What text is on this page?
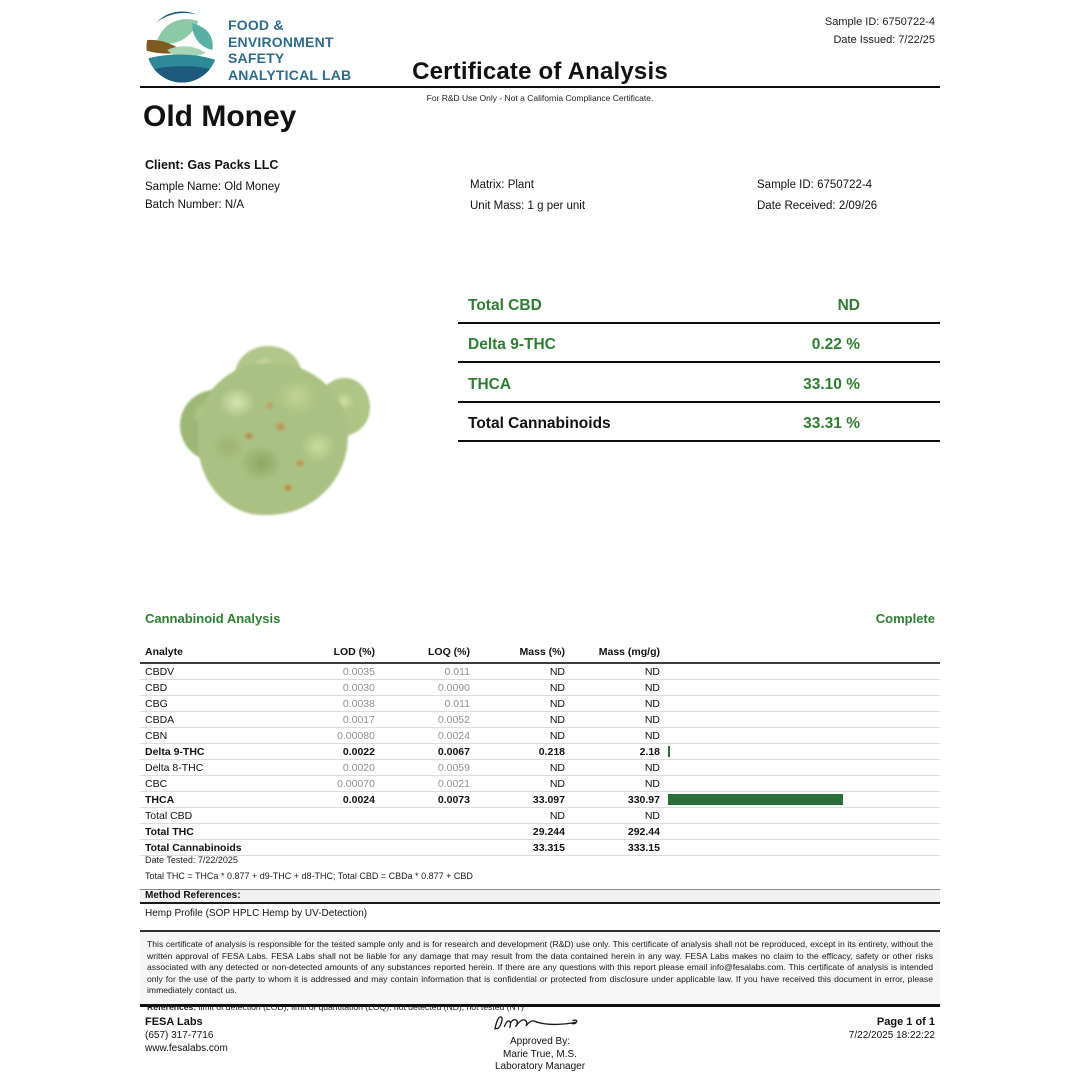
FOOD &
ENVIRONMENT
SAFETY
ANALYTICAL LAB
Sample ID: 6750722-4
Date Issued: 7/22/25
Certificate of Analysis
For R&D Use Only - Not a California Compliance Certificate.
Old Money
Client: Gas Packs LLC
Sample Name: Old Money
Batch Number: N/A
Matrix: Plant
Unit Mass: 1 g per unit
Sample ID: 6750722-4
Date Received: 2/09/26
Total CBD	ND
Delta 9-THC	0.22 %
THCA	33.10 %
Total Cannabinoids	33.31 %
Cannabinoid Analysis	Complete
Analyte	LOD (%)	LOQ (%)	Mass (%)	Mass (mg/g)	
CBDV	0.0035	0.011	ND	ND	
CBD	0.0030	0.0090	ND	ND	
CBG	0.0038	0.011	ND	ND	
CBDA	0.0017	0.0052	ND	ND	
CBN	0.00080	0.0024	ND	ND	
Delta 9-THC	0.0022	0.0067	0.218	2.18	

Delta 8-THC	0.0020	0.0059	ND	ND	
CBC	0.00070	0.0021	ND	ND	
THCA	0.0024	0.0073	33.097	330.97	

Total CBD			ND	ND	
Total THC			29.244	292.44	
Total Cannabinoids			33.315	333.15	
Date Tested: 7/22/2025
Total THC = THCa * 0.877 + d9-THC + d8-THC; Total CBD = CBDa * 0.877 + CBD
Method References:
Hemp Profile (SOP HPLC Hemp by UV-Detection)
This certificate of analysis is responsible for the tested sample only and is for research and development (R&D) use only. This certificate of analysis shall not be reproduced, except in its entirety, without the written approval of FESA Labs. FESA Labs shall not be liable for any damage that may result from the data contained herein in any way. FESA Labs makes no claim to the efficacy, safety or other risks associated with any detected or non-detected amounts of any substances reported herein. If there are any questions with this report please email info@fesalabs.com. This certificate of analysis is intended only for the use of the party to whom it is addressed and may contain information that is confidential or protected from disclosure under applicable law. If you have received this document in error, please immediately contact us.
References: limit of detection (LOD), limit of quantitation (LOQ), not detected (ND), not tested (NT)
FESA Labs
(657) 317-7716
www.fesalabs.com
Approved By:
Marie True, M.S.
Laboratory Manager
Page 1 of 1
7/22/2025 18:22:22
